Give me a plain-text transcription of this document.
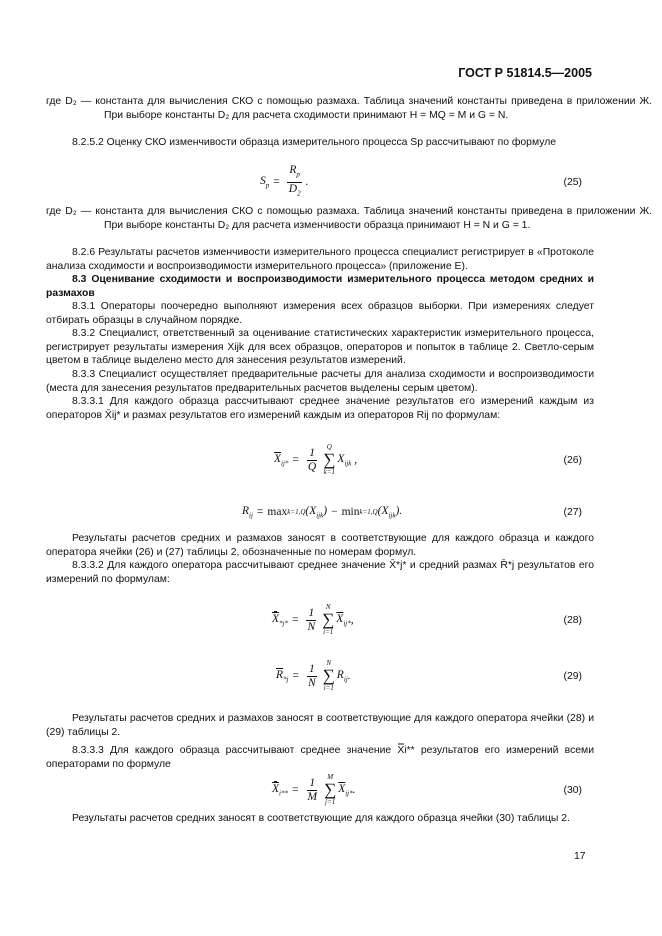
ГОСТ Р 51814.5—2005
где D₂ — константа для вычисления СКО с помощью размаха. Таблица значений константы приведена в приложении Ж. При выборе константы D₂ для расчета сходимости принимают H = MQ = M и G = N.
8.2.5.2 Оценку СКО изменчивости образца измерительного процесса Sp рассчитывают по формуле
$S_p = \frac{R_p}{D_2}$ .	(25)
где D₂ — константа для вычисления СКО с помощью размаха. Таблица значений константы приведена в приложении Ж. При выборе константы D₂ для расчета изменчивости образца принимают H = N и G = 1.
8.2.6 Результаты расчетов изменчивости измерительного процесса специалист регистрирует в «Протоколе анализа сходимости и воспроизводимости измерительного процесса» (приложение Е).
8.3 Оценивание сходимости и воспроизводимости измерительного процесса методом средних и размахов
8.3.1 Операторы поочередно выполняют измерения всех образцов выборки. При измерениях следует отбирать образцы в случайном порядке.
8.3.2 Специалист, ответственный за оценивание статистических характеристик измерительного процесса, регистрирует результаты измерения Xijk для всех образцов, операторов и попыток в таблице 2. Светло-серым цветом в таблице выделено место для занесения результатов измерений.
8.3.3 Специалист осуществляет предварительные расчеты для анализа сходимости и воспроизводимости (места для занесения результатов предварительных расчетов выделены серым цветом).
8.3.3.1 Для каждого образца рассчитывают среднее значение результатов его измерений каждым из операторов X̄ij* и размах результатов его измерений каждым из операторов Rij по формулам:
$\overline{X}_{ij*} = \frac{1}{Q}$ Q
∑
k=1
$X_{ijk}$ ,	(26)
$R_{ij} = \max k=1,Q$ $(X_{ijk}) - \min k=1,Q$ $(X_{ijk})$.	(27)
Результаты расчетов средних и размахов заносят в соответствующие для каждого образца и каждого оператора ячейки (26) и (27) таблицы 2, обозначенные по номерам формул.
8.3.3.2 Для каждого оператора рассчитывают среднее значение X̄*j* и средний размах R̄*j результатов его измерений по формулам:
$X_{*j*} = \frac{1}{N}$ N
∑
i=1
$\overline{X}_{ij*}$ ,	(28)
$\overline{R}_{*j} = \frac{1}{N}$ N
∑
i=1
$R_{ij}$ .	(29)
Результаты расчетов средних и размахов заносят в соответствующие для каждого оператора ячейки (28) и (29) таблицы 2.
8.3.3.3 Для каждого образца рассчитывают среднее значение X̿i** результатов его измерений всеми операторами по формуле
$X_{i**} = \frac{1}{M}$ M
∑
j=1
$\overline{X}_{ij*}$ .	(30)
Результаты расчетов средних заносят в соответствующие для каждого образца ячейки (30) таблицы 2.
17
